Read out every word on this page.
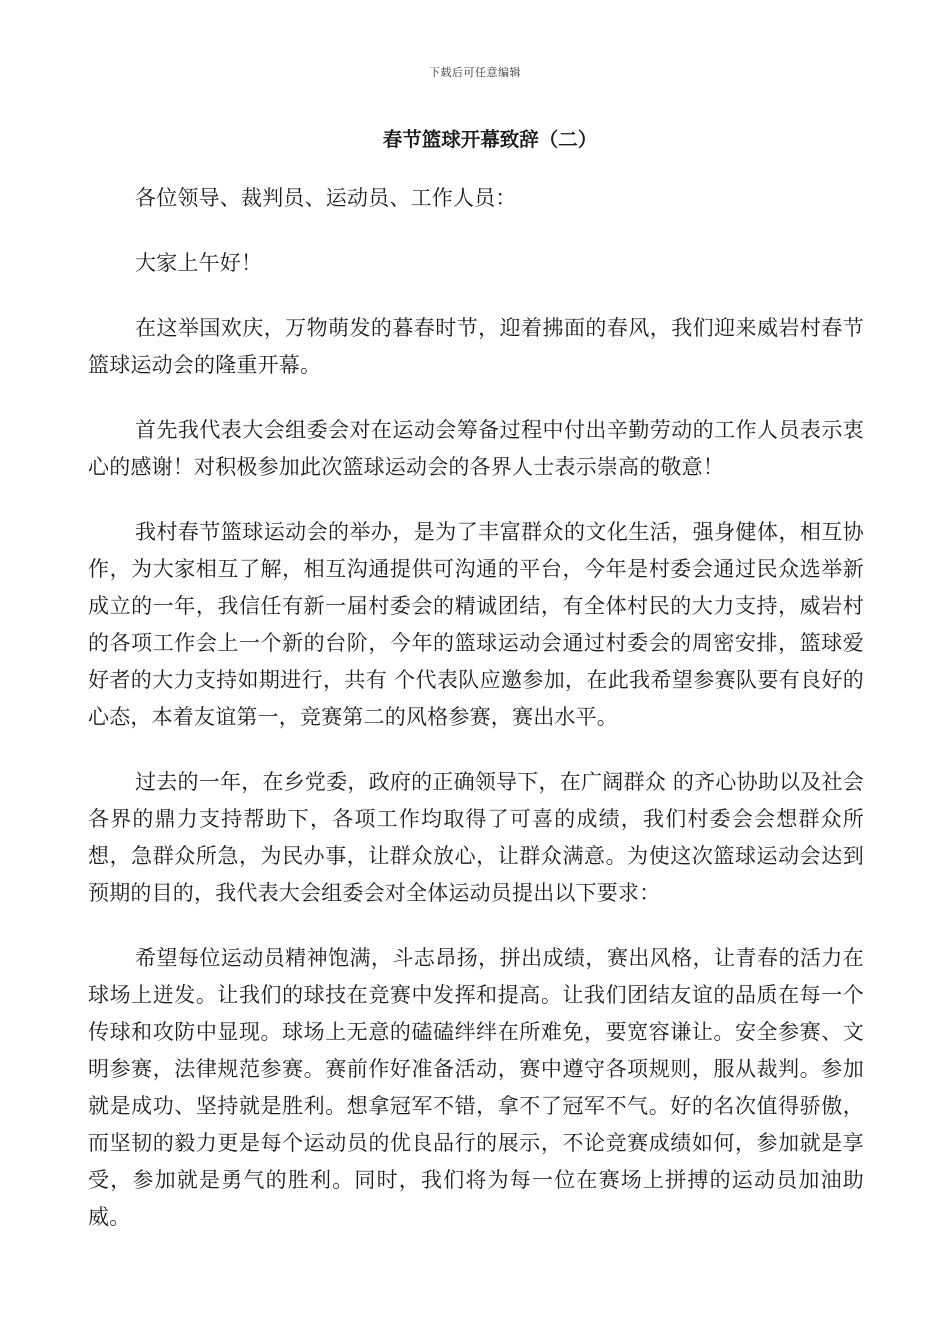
下载后可任意编辑
春节篮球开幕致辞（二）

各位领导、裁判员、运动员、工作人员：

大家上午好！

在这举国欢庆，万物萌发的暮春时节，迎着拂面的春风，我们迎来威岩村春节篮球运动会的隆重开幕。

首先我代表大会组委会对在运动会筹备过程中付出辛勤劳动的工作人员表示衷心的感谢！对积极参加此次篮球运动会的各界人士表示崇高的敬意！

我村春节篮球运动会的举办，是为了丰富群众的文化生活，强身健体，相互协作，为大家相互了解，相互沟通提供可沟通的平台，今年是村委会通过民众选举新成立的一年，我信任有新一届村委会的精诚团结，有全体村民的大力支持，威岩村的各项工作会上一个新的台阶，今年的篮球运动会通过村委会的周密安排，篮球爱好者的大力支持如期进行，共有 个代表队应邀参加，在此我希望参赛队要有良好的心态，本着友谊第一，竞赛第二的风格参赛，赛出水平。

过去的一年，在乡党委，政府的正确领导下，在广阔群众 的齐心协助以及社会各界的鼎力支持帮助下，各项工作均取得了可喜的成绩，我们村委会会想群众所想，急群众所急，为民办事，让群众放心，让群众满意。为使这次篮球运动会达到预期的目的，我代表大会组委会对全体运动员提出以下要求：

希望每位运动员精神饱满，斗志昂扬，拼出成绩，赛出风格，让青春的活力在球场上迸发。让我们的球技在竞赛中发挥和提高。让我们团结友谊的品质在每一个传球和攻防中显现。球场上无意的磕磕绊绊在所难免，要宽容谦让。安全参赛、文明参赛，法律规范参赛。赛前作好准备活动，赛中遵守各项规则，服从裁判。参加就是成功、坚持就是胜利。想拿冠军不错，拿不了冠军不气。好的名次值得骄傲，而坚韧的毅力更是每个运动员的优良品行的展示，不论竞赛成绩如何，参加就是享受，参加就是勇气的胜利。同时，我们将为每一位在赛场上拼搏的运动员加油助威。
